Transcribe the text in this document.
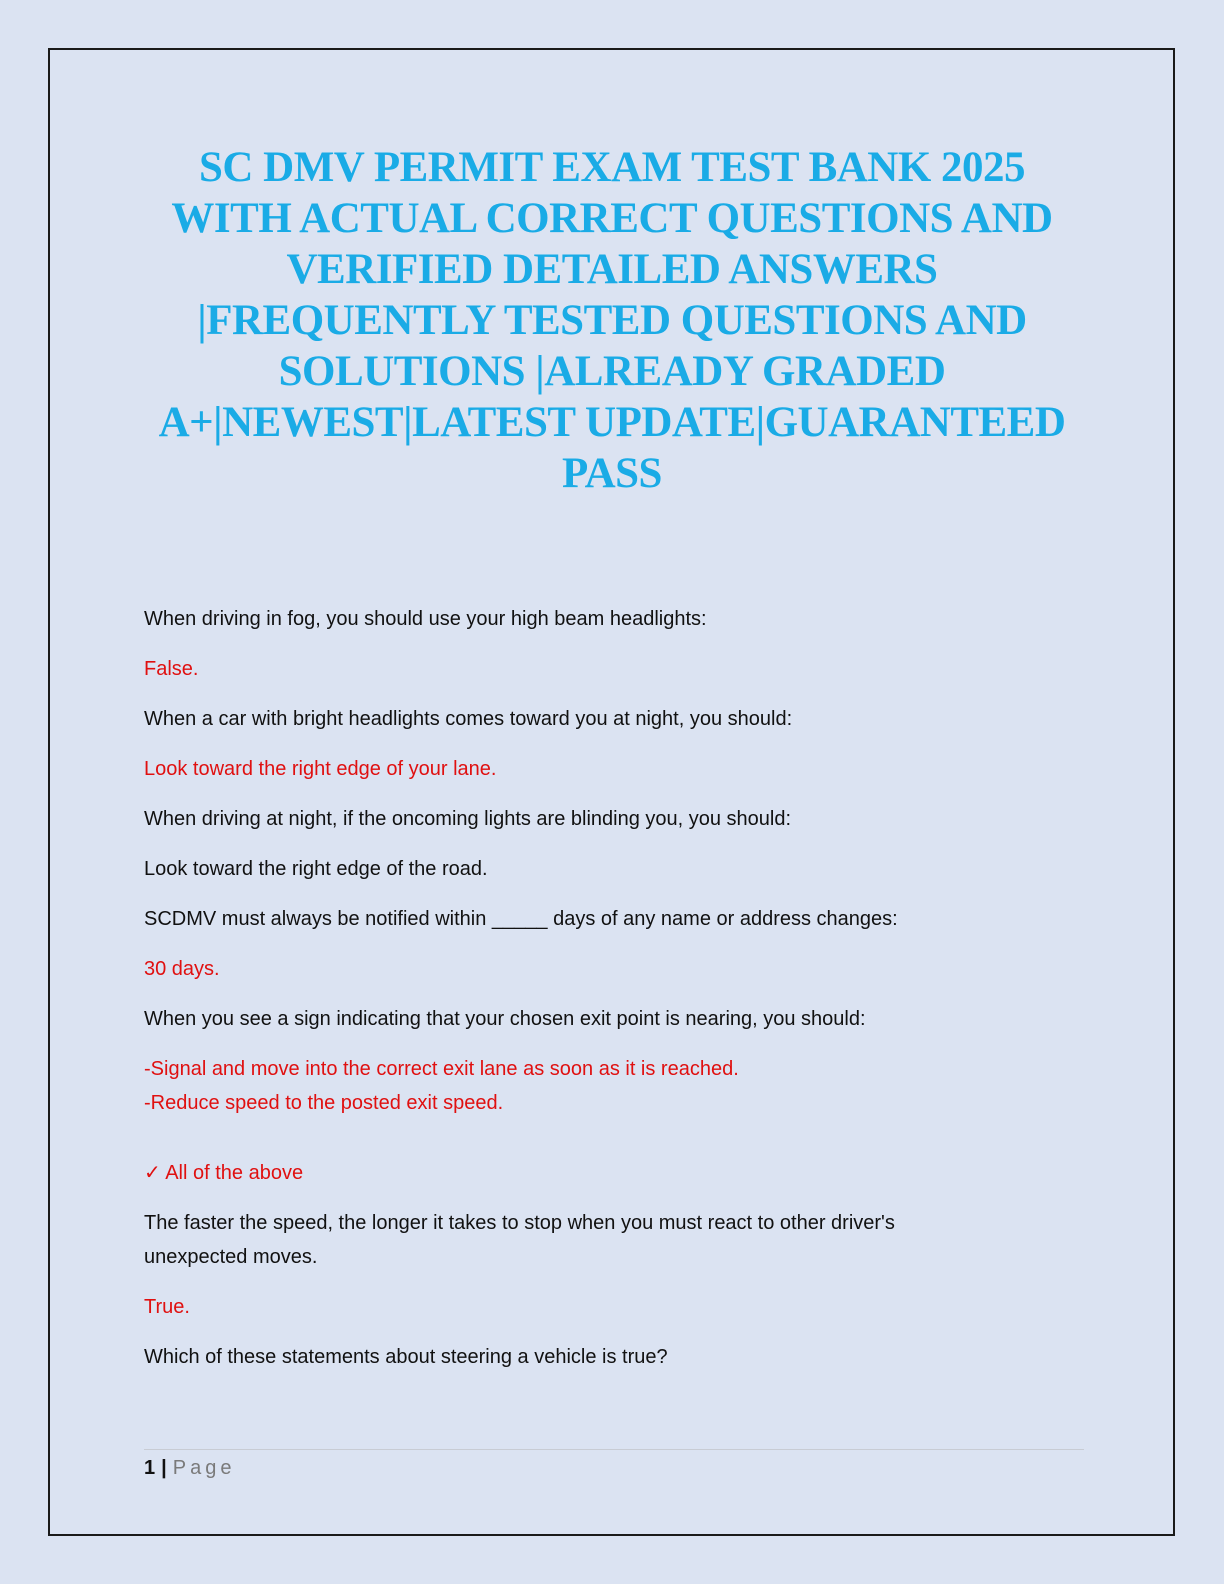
SC DMV PERMIT EXAM TEST BANK 2025
WITH ACTUAL CORRECT QUESTIONS AND
VERIFIED DETAILED ANSWERS
|FREQUENTLY TESTED QUESTIONS AND
SOLUTIONS |ALREADY GRADED
A+|NEWEST|LATEST UPDATE|GUARANTEED
PASS

When driving in fog, you should use your high beam headlights:

False.

When a car with bright headlights comes toward you at night, you should:

Look toward the right edge of your lane.

When driving at night, if the oncoming lights are blinding you, you should:

Look toward the right edge of the road.

SCDMV must always be notified within _____ days of any name or address changes:

30 days.

When you see a sign indicating that your chosen exit point is nearing, you should:

-Signal and move into the correct exit lane as soon as it is reached.

-Reduce speed to the posted exit speed.

✓ All of the above

The faster the speed, the longer it takes to stop when you must react to other driver's

unexpected moves.

True.

Which of these statements about steering a vehicle is true?

1 | Page
